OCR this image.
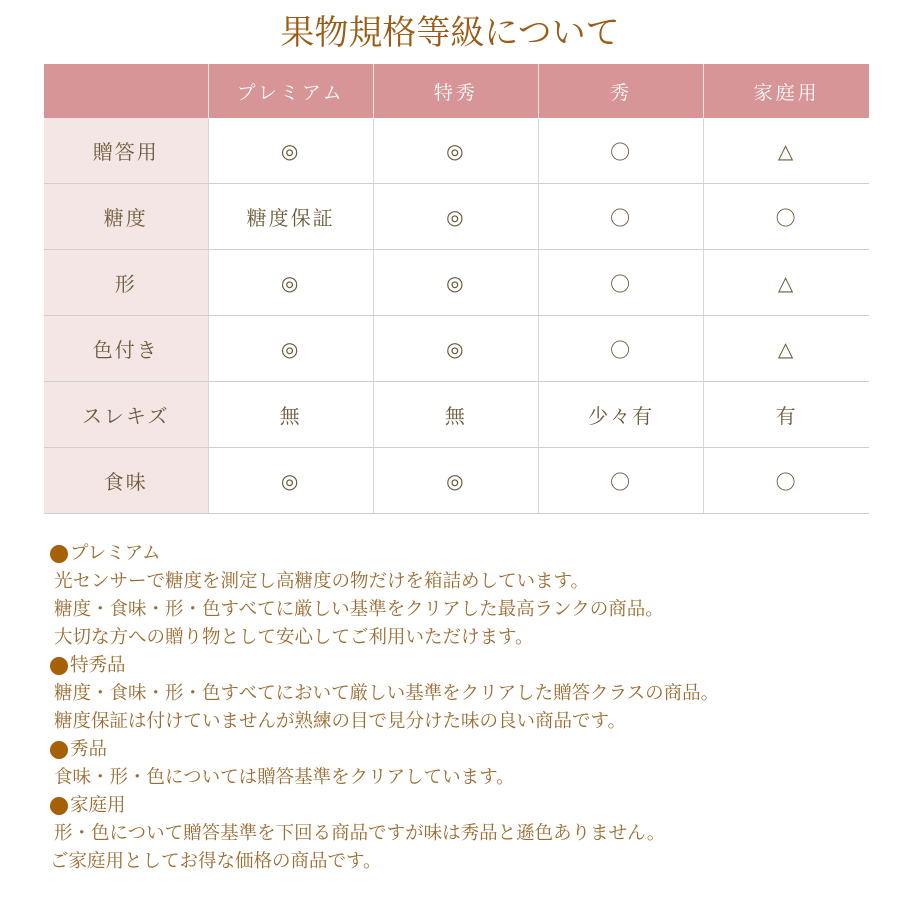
果物規格等級について
	プレミアム	特秀	秀	家庭用
贈答用	◎	◎	〇	△
糖度	糖度保証	◎	〇	〇
形	◎	◎	〇	△
色付き	◎	◎	〇	△
スレキズ	無	無	少々有	有
食味	◎	◎	〇	〇
プレミアム
光センサーで糖度を測定し高糖度の物だけを箱詰めしています。
糖度・食味・形・色すべてに厳しい基準をクリアした最高ランクの商品。
大切な方への贈り物として安心してご利用いただけます。
特秀品
糖度・食味・形・色すべてにおいて厳しい基準をクリアした贈答クラスの商品。
糖度保証は付けていませんが熟練の目で見分けた味の良い商品です。
秀品
食味・形・色については贈答基準をクリアしています。
家庭用
形・色について贈答基準を下回る商品ですが味は秀品と遜色ありません。
ご家庭用としてお得な価格の商品です。
